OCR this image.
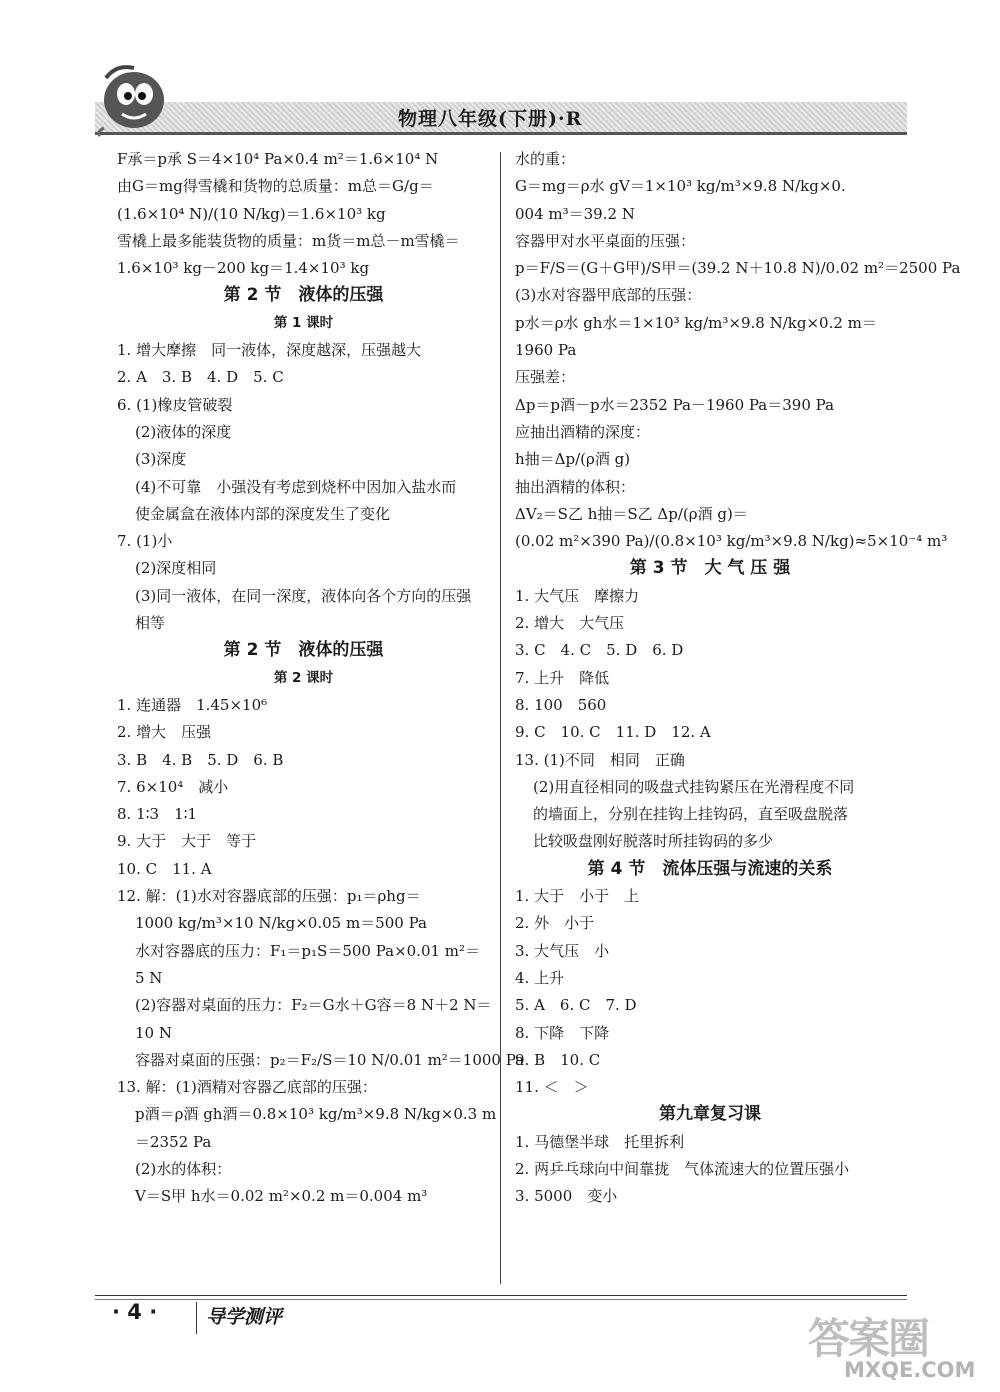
物理八年级(下册)·R
F承＝p承 S＝4×10⁴ Pa×0.4 m²＝1.6×10⁴ N
由G＝mg得雪橇和货物的总质量：m总＝G/g＝
(1.6×10⁴ N)/(10 N/kg)＝1.6×10³ kg
雪橇上最多能装货物的质量：m货＝m总－m雪橇＝
1.6×10³ kg－200 kg＝1.4×10³ kg
第 2 节　液体的压强
第 1 课时
1. 增大摩擦　同一液体，深度越深，压强越大
2. A　3. B　4. D　5. C
6. (1)橡皮管破裂
(2)液体的深度
(3)深度
(4)不可靠　小强没有考虑到烧杯中因加入盐水而
使金属盒在液体内部的深度发生了变化
7. (1)小
(2)深度相同
(3)同一液体，在同一深度，液体向各个方向的压强
相等
第 2 节　液体的压强
第 2 课时
1. 连通器　1.45×10⁶
2. 增大　压强
3. B　4. B　5. D　6. B
7. 6×10⁴　减小
8. 1∶3　1∶1
9. 大于　大于　等于
10. C　11. A
12. 解：(1)水对容器底部的压强：p₁＝ρhg＝
1000 kg/m³×10 N/kg×0.05 m＝500 Pa
水对容器底的压力：F₁＝p₁S＝500 Pa×0.01 m²＝
5 N
(2)容器对桌面的压力：F₂＝G水＋G容＝8 N＋2 N＝
10 N
容器对桌面的压强：p₂＝F₂/S＝10 N/0.01 m²＝1000 Pa
13. 解：(1)酒精对容器乙底部的压强：
p酒＝ρ酒 gh酒＝0.8×10³ kg/m³×9.8 N/kg×0.3 m
＝2352 Pa
(2)水的体积：
V＝S甲 h水＝0.02 m²×0.2 m＝0.004 m³
水的重：
G＝mg＝ρ水 gV＝1×10³ kg/m³×9.8 N/kg×0.
004 m³＝39.2 N
容器甲对水平桌面的压强：
p＝F/S＝(G＋G甲)/S甲＝(39.2 N＋10.8 N)/0.02 m²＝2500 Pa
(3)水对容器甲底部的压强：
p水＝ρ水 gh水＝1×10³ kg/m³×9.8 N/kg×0.2 m＝
1960 Pa
压强差：
Δp＝p酒－p水＝2352 Pa－1960 Pa＝390 Pa
应抽出酒精的深度：
h抽＝Δp/(ρ酒 g)
抽出酒精的体积：
ΔV₂＝S乙 h抽＝S乙 Δp/(ρ酒 g)＝
(0.02 m²×390 Pa)/(0.8×10³ kg/m³×9.8 N/kg)≈5×10⁻⁴ m³
第 3 节　大 气 压 强
1. 大气压　摩擦力
2. 增大　大气压
3. C　4. C　5. D　6. D
7. 上升　降低
8. 100　560
9. C　10. C　11. D　12. A
13. (1)不同　相同　正确
(2)用直径相同的吸盘式挂钩紧压在光滑程度不同
的墙面上，分别在挂钩上挂钩码，直至吸盘脱落
比较吸盘刚好脱落时所挂钩码的多少
第 4 节　流体压强与流速的关系
1. 大于　小于　上
2. 外　小于
3. 大气压　小
4. 上升
5. A　6. C　7. D
8. 下降　下降
9. B　10. C
11. ＜　＞
第九章复习课
1. 马德堡半球　托里拆利
2. 两乒乓球向中间靠拢　气体流速大的位置压强小
3. 5000　变小
· 4 ·	导学测评	答案圈
MXQE.COM
